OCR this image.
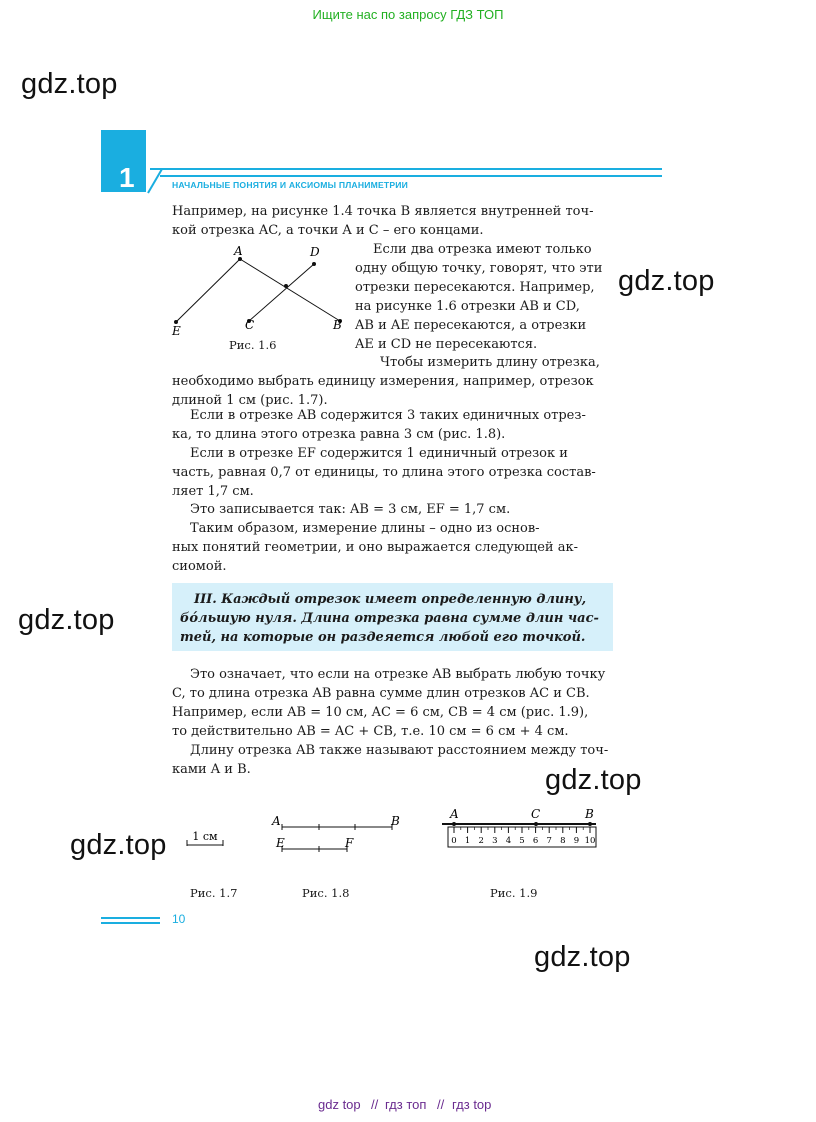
Ищите нас по запросу ГДЗ ТОП
gdz.top
gdz.top
gdz.top
gdz.top
gdz.top
gdz.top
1	НАЧАЛЬНЫЕ ПОНЯТИЯ И АКСИОМЫ ПЛАНИМЕТРИИ
Например, на рисунке 1.4 точка B является внутренней точ-
кой отрезка AC, а точки A и C – его концами.
A	D
E	C	B
Рис. 1.6
Если два отрезка имеют только
одну общую точку, говорят, что эти
отрезки пересекаются. Например,
на рисунке 1.6 отрезки AB и CD,
AB и AE пересекаются, а отрезки
AE и CD не пересекаются.
Чтобы измерить длину отрезка,
необходимо выбрать единицу измерения, например, отрезок
длиной 1 см (рис. 1.7).
Если в отрезке AB содержится 3 таких единичных отрез-
ка, то длина этого отрезка равна 3 см (рис. 1.8).
Если в отрезке EF содержится 1 единичный отрезок и
часть, равная 0,7 от единицы, то длина этого отрезка состав-
ляет 1,7 см.
Это записывается так: AB = 3 см, EF = 1,7 см.
Таким образом, измерение длины – одно из основ-
ных понятий геометрии, и оно выражается следующей ак-
сиомой.
III. Каждый отрезок имеет определенную длину,
бóльшую нуля. Длина отрезка равна сумме длин час-
тей, на которые он раздеяется любой его точкой.
Это означает, что если на отрезке AB выбрать любую точку
C, то длина отрезка AB равна сумме длин отрезков AC и CB.
Например, если AB = 10 см, AC = 6 см, CB = 4 см (рис. 1.9),
то действительно AB = AC + CB, т.е. 10 см = 6 см + 4 см.
Длину отрезка AB также называют расстоянием между точ-
ками A и B.
1 см
Рис. 1.7
A	B
E	F
Рис. 1.8
0 1 2 3 4 5 6 7 8 9 10
A	C	B
Рис. 1.9
10
gdz top // гдз топ // гдз top
